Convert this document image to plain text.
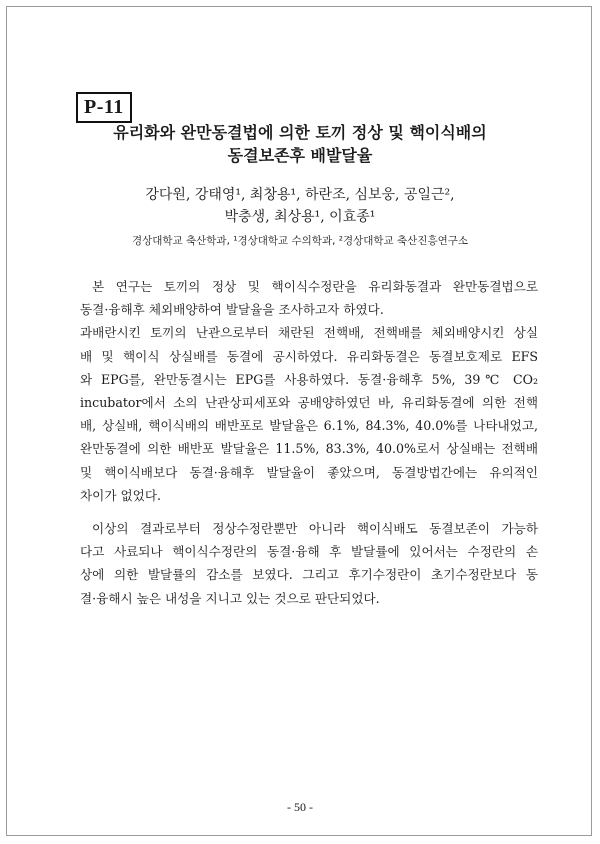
P-11
유리화와 완만동결법에 의한 토끼 정상 및 핵이식배의
동결보존후 배발달율
강다원, 강태영¹, 최창용¹, 하란조, 심보웅, 공일근²,
박충생, 최상용¹, 이효종¹
경상대학교 축산학과, ¹경상대학교 수의학과, ²경상대학교 축산진흥연구소
본 연구는 토끼의 정상 및 핵이식수정란을 유리화동결과 완만동결법으로
동결·융해후 체외배양하여 발달율을 조사하고자 하였다.
과배란시킨 토끼의 난관으로부터 채란된 전핵배, 전핵배를 체외배양시킨 상실
배 및 핵이식 상실배를 동결에 공시하였다. 유리화동결은 동결보호제로 EFS
와 EPG를, 완만동결시는 EPG를 사용하였다. 동결·융해후 5%, 39℃ CO₂
incubator에서 소의 난관상피세포와 공배양하였던 바, 유리화동결에 의한 전핵
배, 상실배, 핵이식배의 배반포로 발달율은 6.1%, 84.3%, 40.0%를 나타내었고,
완만동결에 의한 배반포 발달율은 11.5%, 83.3%, 40.0%로서 상실배는 전핵배
및 핵이식배보다 동결·융해후 발달율이 좋았으며, 동결방법간에는 유의적인
차이가 없었다.
이상의 결과로부터 정상수정란뿐만 아니라 핵이식배도 동결보존이 가능하
다고 사료되나 핵이식수정란의 동결·융해 후 발달률에 있어서는 수정란의 손
상에 의한 발달률의 감소를 보였다. 그리고 후기수정란이 초기수정란보다 동
결·융해시 높은 내성을 지니고 있는 것으로 판단되었다.
- 50 -
